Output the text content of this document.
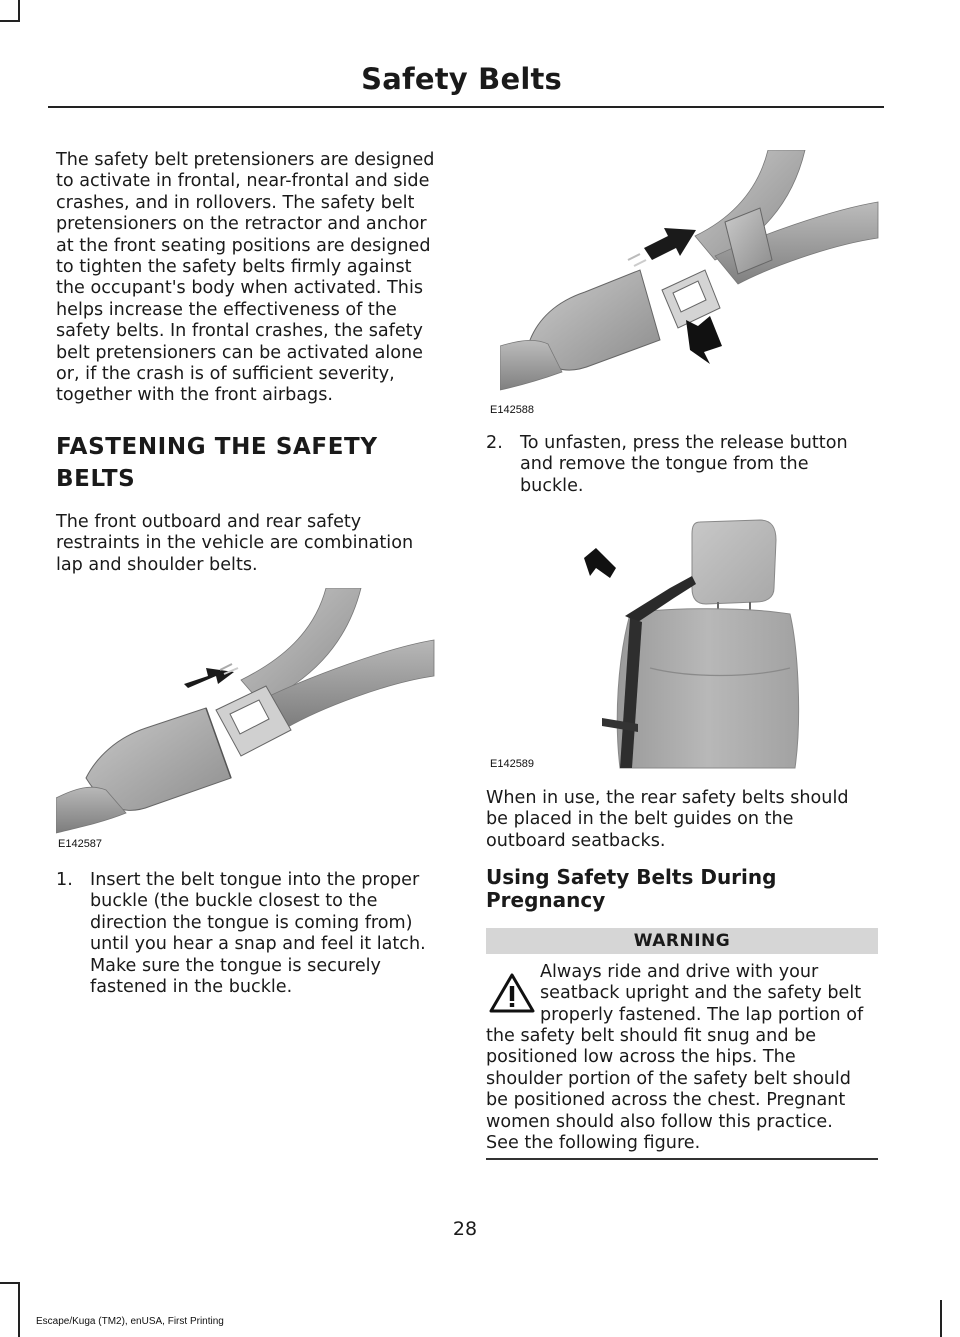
Safety Belts
The safety belt pretensioners are designed
to activate in frontal, near-frontal and side
crashes, and in rollovers. The safety belt
pretensioners on the retractor and anchor
at the front seating positions are designed
to tighten the safety belts firmly against
the occupant's body when activated. This
helps increase the effectiveness of the
safety belts. In frontal crashes, the safety
belt pretensioners can be activated alone
or, if the crash is of sufficient severity,
together with the front airbags.
FASTENING THE SAFETY
BELTS
The front outboard and rear safety
restraints in the vehicle are combination
lap and shoulder belts.
E142587
1. Insert the belt tongue into the proper
buckle (the buckle closest to the
direction the tongue is coming from)
until you hear a snap and feel it latch.
Make sure the tongue is securely
fastened in the buckle.
E142588
2. To unfasten, press the release button
and remove the tongue from the
buckle.
E142589
When in use, the rear safety belts should
be placed in the belt guides on the
outboard seatbacks.
Using Safety Belts During
Pregnancy
WARNING
Always ride and drive with your
seatback upright and the safety belt
properly fastened. The lap portion of
the safety belt should fit snug and be
positioned low across the hips. The
shoulder portion of the safety belt should
be positioned across the chest. Pregnant
women should also follow this practice.
See the following figure.
28
Escape/Kuga (TM2), enUSA, First Printing
